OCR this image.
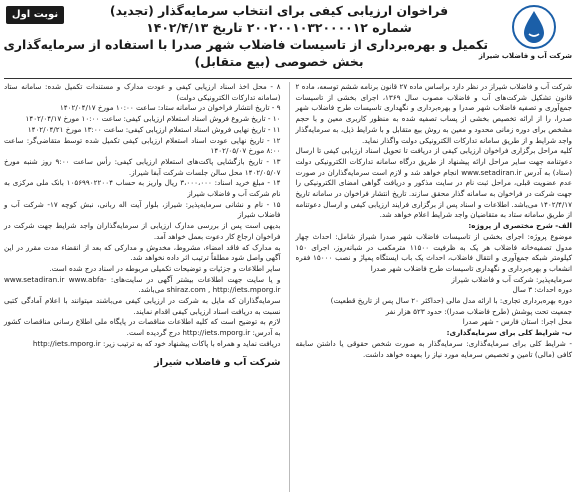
نوبت اول	فراخوان ارزیابی کیفی برای انتخاب سرمایه‌گذار (تجدید)
شماره ۲۰۰۲۰۰۱۰۳۲۰۰۰۰۱۲ تاریخ ۱۴۰۲/۴/۱۳
تکمیل و بهره‌برداری از تاسیسات فاضلاب شهر صدرا با استفاده از سرمایه‌گذاری
بخش خصوصی (بیع متقابل)	شرکت آب و فاضلاب شیراز

شرکت آب و فاضلاب شیراز در نظر دارد براساس ماده ۲۷ قانون برنامه ششم توسعه، ماده ۲ قانون تشکیل شرکت‌های آب و فاضلاب مصوب سال ۱۳۶۹، اجرای بخشی از تاسیسات جمع‌آوری و تصفیه فاضلاب شهر صدرا و بهره‌برداری و نگهداری تاسیسات طرح فاضلاب شهر صدرا، را از ارائه تخصیص بخشی از پساب تصفیه شده به منظور کاربری معین و با حجم مشخص برای دوره زمانی محدود و معین به روش بیع متقابل و با شرایط ذیل، به سرمایه‌گذار واجد شرایط و از طریق سامانه تدارکات الکترونیکی دولت واگذار نماید.

کلیه مراحل برگزاری فراخوان ارزیابی کیفی از دریافت تا تحویل اسناد ارزیابی کیفی تا ارسال دعوتنامه جهت سایر مراحل ارائه پیشنهاد از طریق درگاه سامانه تدارکات الکترونیکی دولت (ستاد) به آدرس www.setadiran.ir انجام خواهد شد و لازم است سرمایه‌گذاران در صورت عدم عضویت قبلی، مراحل ثبت نام در سایت مذکور و دریافت گواهی امضای الکترونیکی را جهت شرکت در فراخوان به سامانه گذار محقق سازند. تاریخ انتشار فراخوان در سامانه تاریخ ۱۴۰۲/۴/۱۷ می‌باشد. اطلاعات و اسناد پس از برگزاری فرایند ارزیابی کیفی و ارسال دعوتنامه از طریق سامانه ستاد به متقاضیان واجد شرایط اعلام خواهد شد.

الف- شرح مختصری از پروژه:

موضوع پروژه: اجرای بخشی از تاسیسات فاضلاب شهر صدرا شیراز شامل: احداث چهار مدول تصفیه‌خانه فاضلاب هر یک به ظرفیت ۱۱۵۰۰ مترمکعب در شبانه‌روز، اجرای ۱۵۰ کیلومتر شبکه جمع‌آوری و انتقال فاضلاب، احداث یک باب ایستگاه پمپاژ و نصب ۱۵۰۰۰ فقره انشعاب و بهره‌برداری و نگهداری تاسیسات طرح فاضلاب شهر صدرا

سرمایه‌پذیر: شرکت آب و فاضلاب شیراز

دوره احداث: ۳ سال

دوره بهره‌برداری تجاری: با ارائه مدل مالی (حداکثر ۲۰ سال پس از تاریخ قطعیت)

جمعیت تحت پوشش (طرح فاضلاب صدرا): حدود ۵۲۳ هزار نفر

محل اجرا: استان فارس - شهر صدرا

ب- شرایط کلی برای سرمایه‌گذاری:

- شرایط کلی برای سرمایه‌گذاری: سرمایه‌گذار به صورت شخص حقوقی یا داشتن سابقه کافی (مالی) تامین و تخصیص سرمایه مورد نیاز را بعهده خواهد داشت.

۸ - محل اخذ اسناد ارزیابی کیفی و عودت مدارک و مستندات تکمیل شده: سامانه ستاد (سامانه تدارکات الکترونیکی دولت)

۹ - تاریخ انتشار فراخوان در سامانه ستاد: ساعت ۱۰:۰۰ مورخ ۱۴۰۲/۰۴/۱۷

۱۰ - تاریخ شروع فروش اسناد استعلام ارزیابی کیفی: ساعت ۱۰:۰۰ مورخ ۱۴۰۲/۰۴/۱۷

۱۱ - تاریخ نهایی فروش اسناد استعلام ارزیابی کیفی: ساعت ۱۳:۰۰ مورخ ۱۴۰۲/۰۴/۲۱

۱۲ - تاریخ نهایی عودت اسناد استعلام ارزیابی کیفی تکمیل شده توسط متقاضی‌گر: ساعت ۸:۰۰ مورخ ۱۴۰۲/۰۵/۰۷

۱۳ - تاریخ بازگشایی پاکت‌های استعلام ارزیابی کیفی: رأس ساعت ۹:۰۰ روز شنبه مورخ ۱۴۰۲/۰۵/۰۷ محل سالن جلسات شرکت آبفا شیراز.

۱۴ - مبلغ خرید اسناد: ۳،۰۰۰،۰۰۰ ریال واریز به حساب ۱۰۵۶۹۹۰۲۲۰۰۴ بانک ملی مرکزی به نام شرکت آب و فاضلاب شیراز

۱۵ - نام و نشانی سرمایه‌پذیر: شیراز، بلوار آیت اله ربانی، نبش کوچه ۱۷- شرکت آب و فاضلاب شیراز

بدیهی است پس از بررسی مدارک ارزیابی از سرمایه‌گذاران واجد شرایط جهت شرکت در فراخوان ارجاع کار دعوت بعمل خواهد آمد.

به مدارک که فاقد امضاء، مشروط، مخدوش و مدارکی که بعد از انقضاء مدت مقرر در این آگهی واصل شود مطلقاً ترتیب اثر داده نخواهد شد.

سایر اطلاعات و جزئیات و توضیحات تکمیلی مربوطه در اسناد درج شده است.

و یا سایت جهت اطلاعات بیشتر آگهی در سایت‌های: www.setadiran.ir www.abfa-shiraz.com , http://iets.mporg.ir می‌باشد.

سرمایه‌گذاران که مایل به شرکت در ارزیابی کیفی می‌باشند میتوانند با اعلام آمادگی کتبی نسبت به دریافت اسناد ارزیابی کیفی اقدام نمایند.

لازم به توضیح است که کلیه اطلاعات مناقصات در پایگاه ملی اطلاع رسانی مناقصات کشور به آدرس: http://iets.mporg.ir درج گردیده است.

دریافت نماید و همراه با پاکات پیشنهاد خود که به ترتیب زیر: http://iets.mporg.ir

شرکت آب و فاضلاب شیراز
